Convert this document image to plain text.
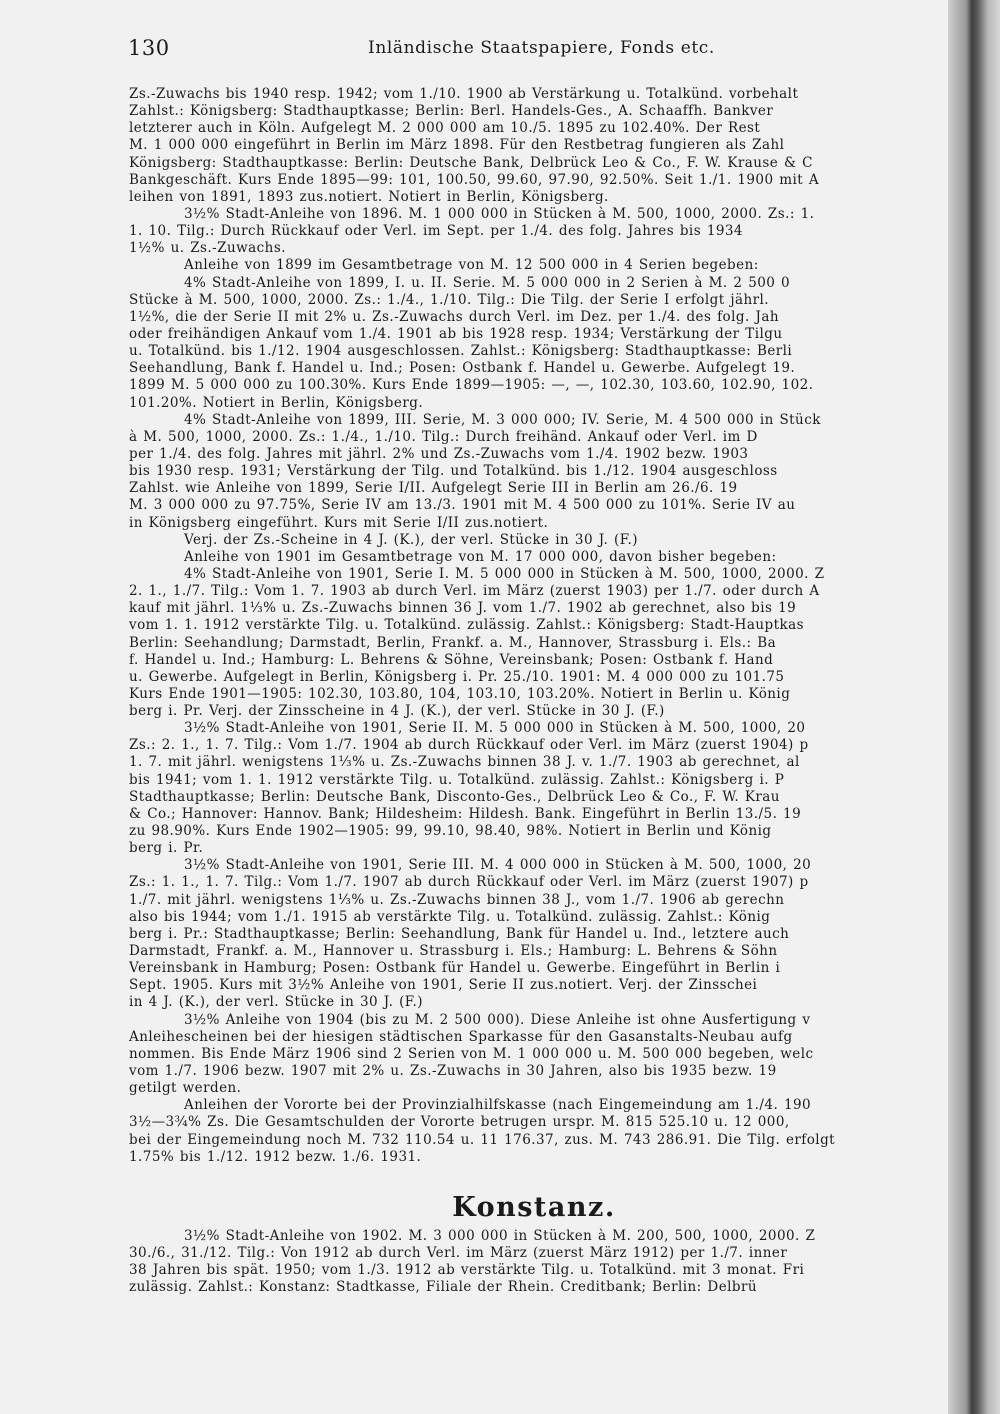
130	Inländische Staatspapiere, Fonds etc.
Zs.-Zuwachs bis 1940 resp. 1942; vom 1./10. 1900 ab Verstärkung u. Totalkünd. vorbehalt
Zahlst.: Königsberg: Stadthauptkasse; Berlin: Berl. Handels-Ges., A. Schaaffh. Bankver
letzterer auch in Köln. Aufgelegt M. 2 000 000 am 10./5. 1895 zu 102.40%. Der Rest
M. 1 000 000 eingeführt in Berlin im März 1898. Für den Restbetrag fungieren als Zahl
Königsberg: Stadthauptkasse: Berlin: Deutsche Bank, Delbrück Leo & Co., F. W. Krause & C
Bankgeschäft. Kurs Ende 1895—99: 101, 100.50, 99.60, 97.90, 92.50%. Seit 1./1. 1900 mit A
leihen von 1891, 1893 zus.notiert. Notiert in Berlin, Königsberg.
3½% Stadt-Anleihe von 1896. M. 1 000 000 in Stücken à M. 500, 1000, 2000. Zs.: 1.
1. 10. Tilg.: Durch Rückkauf oder Verl. im Sept. per 1./4. des folg. Jahres bis 1934
1½% u. Zs.-Zuwachs.
Anleihe von 1899 im Gesamtbetrage von M. 12 500 000 in 4 Serien begeben:
4% Stadt-Anleihe von 1899, I. u. II. Serie. M. 5 000 000 in 2 Serien à M. 2 500 0
Stücke à M. 500, 1000, 2000. Zs.: 1./4., 1./10. Tilg.: Die Tilg. der Serie I erfolgt jährl.
1½%, die der Serie II mit 2% u. Zs.-Zuwachs durch Verl. im Dez. per 1./4. des folg. Jah
oder freihändigen Ankauf vom 1./4. 1901 ab bis 1928 resp. 1934; Verstärkung der Tilgu
u. Totalkünd. bis 1./12. 1904 ausgeschlossen. Zahlst.: Königsberg: Stadthauptkasse: Berli
Seehandlung, Bank f. Handel u. Ind.; Posen: Ostbank f. Handel u. Gewerbe. Aufgelegt 19.
1899 M. 5 000 000 zu 100.30%. Kurs Ende 1899—1905: —, —, 102.30, 103.60, 102.90, 102.
101.20%. Notiert in Berlin, Königsberg.
4% Stadt-Anleihe von 1899, III. Serie, M. 3 000 000; IV. Serie, M. 4 500 000 in Stück
à M. 500, 1000, 2000. Zs.: 1./4., 1./10. Tilg.: Durch freihänd. Ankauf oder Verl. im D
per 1./4. des folg. Jahres mit jährl. 2% und Zs.-Zuwachs vom 1./4. 1902 bezw. 1903
bis 1930 resp. 1931; Verstärkung der Tilg. und Totalkünd. bis 1./12. 1904 ausgeschloss
Zahlst. wie Anleihe von 1899, Serie I/II. Aufgelegt Serie III in Berlin am 26./6. 19
M. 3 000 000 zu 97.75%, Serie IV am 13./3. 1901 mit M. 4 500 000 zu 101%. Serie IV au
in Königsberg eingeführt. Kurs mit Serie I/II zus.notiert.
Verj. der Zs.-Scheine in 4 J. (K.), der verl. Stücke in 30 J. (F.)
Anleihe von 1901 im Gesamtbetrage von M. 17 000 000, davon bisher begeben:
4% Stadt-Anleihe von 1901, Serie I. M. 5 000 000 in Stücken à M. 500, 1000, 2000. Z
2. 1., 1./7. Tilg.: Vom 1. 7. 1903 ab durch Verl. im März (zuerst 1903) per 1./7. oder durch A
kauf mit jährl. 1⅓% u. Zs.-Zuwachs binnen 36 J. vom 1./7. 1902 ab gerechnet, also bis 19
vom 1. 1. 1912 verstärkte Tilg. u. Totalkünd. zulässig. Zahlst.: Königsberg: Stadt-Hauptkas
Berlin: Seehandlung; Darmstadt, Berlin, Frankf. a. M., Hannover, Strassburg i. Els.: Ba
f. Handel u. Ind.; Hamburg: L. Behrens & Söhne, Vereinsbank; Posen: Ostbank f. Hand
u. Gewerbe. Aufgelegt in Berlin, Königsberg i. Pr. 25./10. 1901: M. 4 000 000 zu 101.75
Kurs Ende 1901—1905: 102.30, 103.80, 104, 103.10, 103.20%. Notiert in Berlin u. König
berg i. Pr. Verj. der Zinsscheine in 4 J. (K.), der verl. Stücke in 30 J. (F.)
3½% Stadt-Anleihe von 1901, Serie II. M. 5 000 000 in Stücken à M. 500, 1000, 20
Zs.: 2. 1., 1. 7. Tilg.: Vom 1./7. 1904 ab durch Rückkauf oder Verl. im März (zuerst 1904) p
1. 7. mit jährl. wenigstens 1⅓% u. Zs.-Zuwachs binnen 38 J. v. 1./7. 1903 ab gerechnet, al
bis 1941; vom 1. 1. 1912 verstärkte Tilg. u. Totalkünd. zulässig. Zahlst.: Königsberg i. P
Stadthauptkasse; Berlin: Deutsche Bank, Disconto-Ges., Delbrück Leo & Co., F. W. Krau
& Co.; Hannover: Hannov. Bank; Hildesheim: Hildesh. Bank. Eingeführt in Berlin 13./5. 19
zu 98.90%. Kurs Ende 1902—1905: 99, 99.10, 98.40, 98%. Notiert in Berlin und König
berg i. Pr.
3½% Stadt-Anleihe von 1901, Serie III. M. 4 000 000 in Stücken à M. 500, 1000, 20
Zs.: 1. 1., 1. 7. Tilg.: Vom 1./7. 1907 ab durch Rückkauf oder Verl. im März (zuerst 1907) p
1./7. mit jährl. wenigstens 1⅓% u. Zs.-Zuwachs binnen 38 J., vom 1./7. 1906 ab gerechn
also bis 1944; vom 1./1. 1915 ab verstärkte Tilg. u. Totalkünd. zulässig. Zahlst.: König
berg i. Pr.: Stadthauptkasse; Berlin: Seehandlung, Bank für Handel u. Ind., letztere auch
Darmstadt, Frankf. a. M., Hannover u. Strassburg i. Els.; Hamburg: L. Behrens & Söhn
Vereinsbank in Hamburg; Posen: Ostbank für Handel u. Gewerbe. Eingeführt in Berlin i
Sept. 1905. Kurs mit 3½% Anleihe von 1901, Serie II zus.notiert. Verj. der Zinsschei
in 4 J. (K.), der verl. Stücke in 30 J. (F.)
3½% Anleihe von 1904 (bis zu M. 2 500 000). Diese Anleihe ist ohne Ausfertigung v
Anleihescheinen bei der hiesigen städtischen Sparkasse für den Gasanstalts-Neubau aufg
nommen. Bis Ende März 1906 sind 2 Serien von M. 1 000 000 u. M. 500 000 begeben, welc
vom 1./7. 1906 bezw. 1907 mit 2% u. Zs.-Zuwachs in 30 Jahren, also bis 1935 bezw. 19
getilgt werden.
Anleihen der Vororte bei der Provinzialhilfskasse (nach Eingemeindung am 1./4. 190
3½—3¾% Zs. Die Gesamtschulden der Vororte betrugen urspr. M. 815 525.10 u. 12 000,
bei der Eingemeindung noch M. 732 110.54 u. 11 176.37, zus. M. 743 286.91. Die Tilg. erfolgt
1.75% bis 1./12. 1912 bezw. 1./6. 1931.
Konstanz.
3½% Stadt-Anleihe von 1902. M. 3 000 000 in Stücken à M. 200, 500, 1000, 2000. Z
30./6., 31./12. Tilg.: Von 1912 ab durch Verl. im März (zuerst März 1912) per 1./7. inner
38 Jahren bis spät. 1950; vom 1./3. 1912 ab verstärkte Tilg. u. Totalkünd. mit 3 monat. Fri
zulässig. Zahlst.: Konstanz: Stadtkasse, Filiale der Rhein. Creditbank; Berlin: Delbrü
